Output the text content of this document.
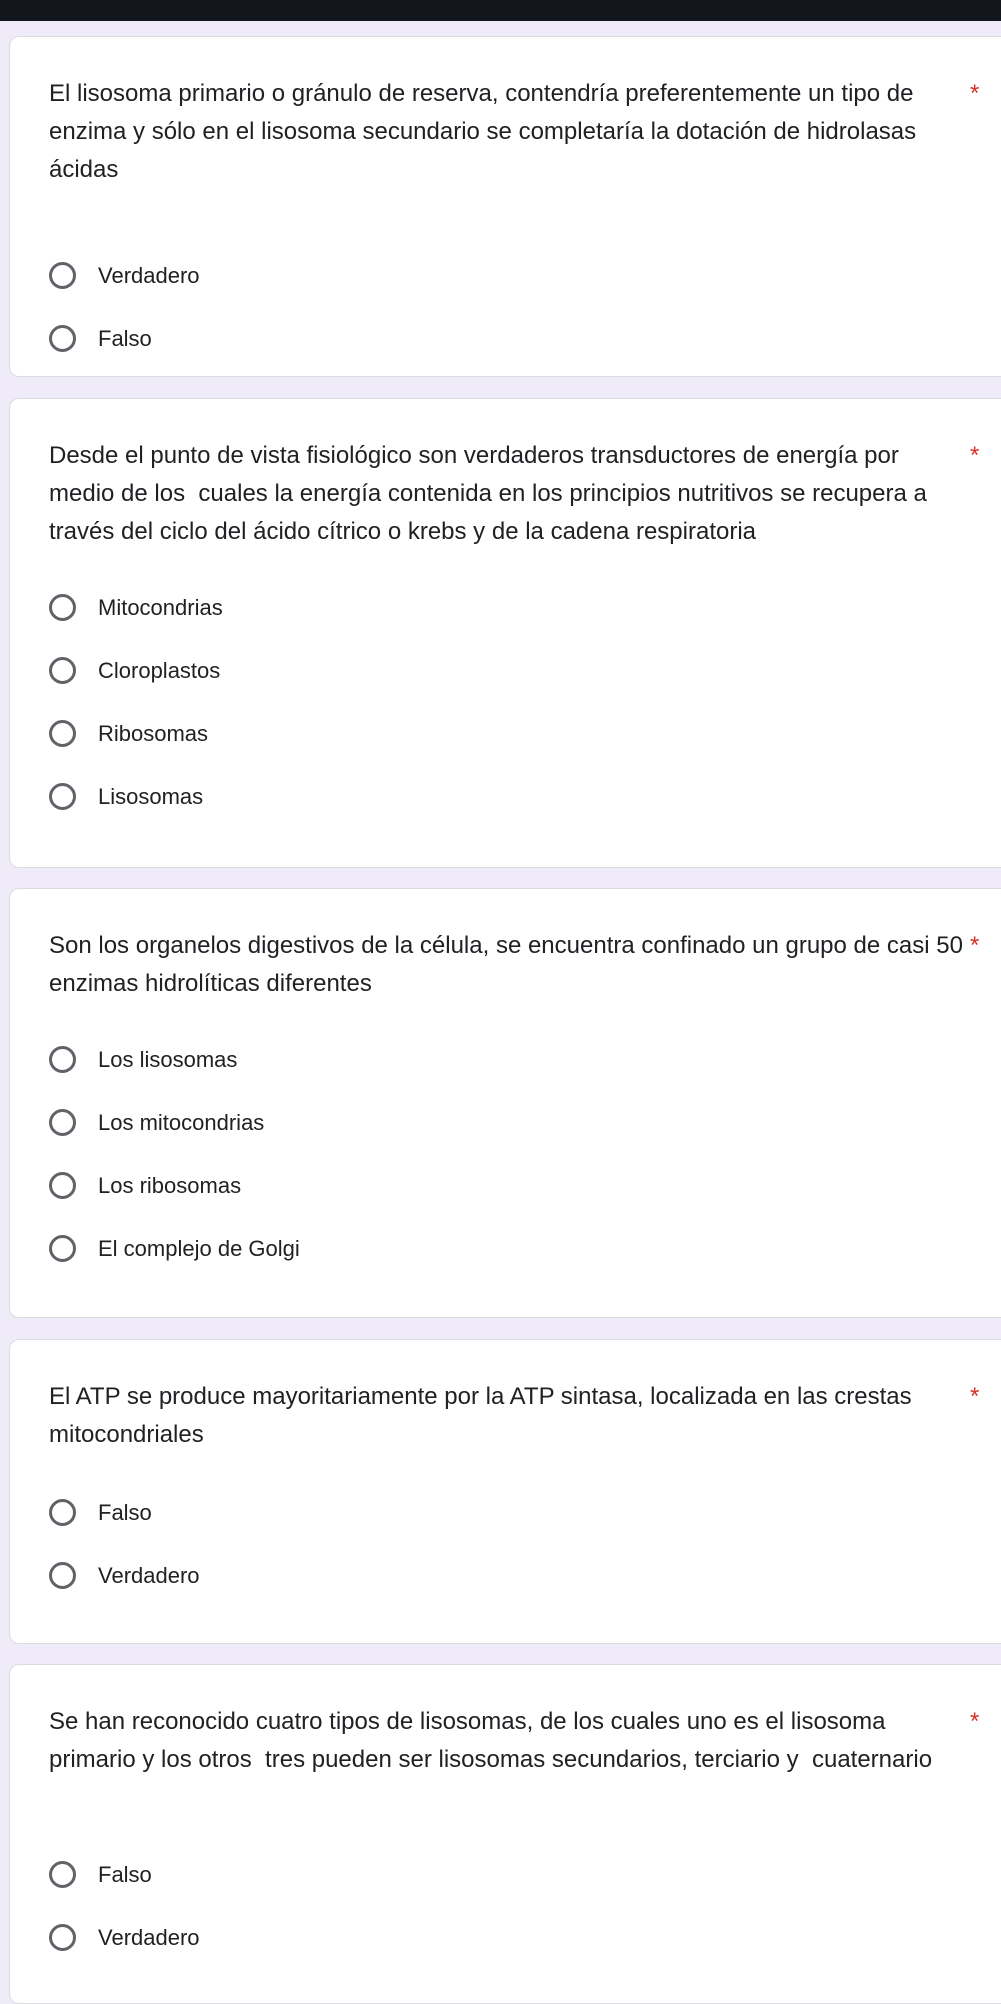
El lisosoma primario o gránulo de reserva, contendría preferentemente un tipo de enzima y sólo en el lisosoma secundario se completaría la dotación de hidrolasas ácidas

*
Verdadero
Falso

Desde el punto de vista fisiológico son verdaderos transductores de energía por medio de los  cuales la energía contenida en los principios nutritivos se recupera a través del ciclo del ácido cítrico o krebs y de la cadena respiratoria

*
Mitocondrias
Cloroplastos
Ribosomas
Lisosomas

Son los organelos digestivos de la célula, se encuentra confinado un grupo de casi 50 enzimas hidrolíticas diferentes

*
Los lisosomas
Los mitocondrias
Los ribosomas
El complejo de Golgi

El ATP se produce mayoritariamente por la ATP sintasa, localizada en las crestas mitocondriales

*
Falso
Verdadero

Se han reconocido cuatro tipos de lisosomas, de los cuales uno es el lisosoma primario y los otros  tres pueden ser lisosomas secundarios, terciario y  cuaternario

*
Falso
Verdadero
